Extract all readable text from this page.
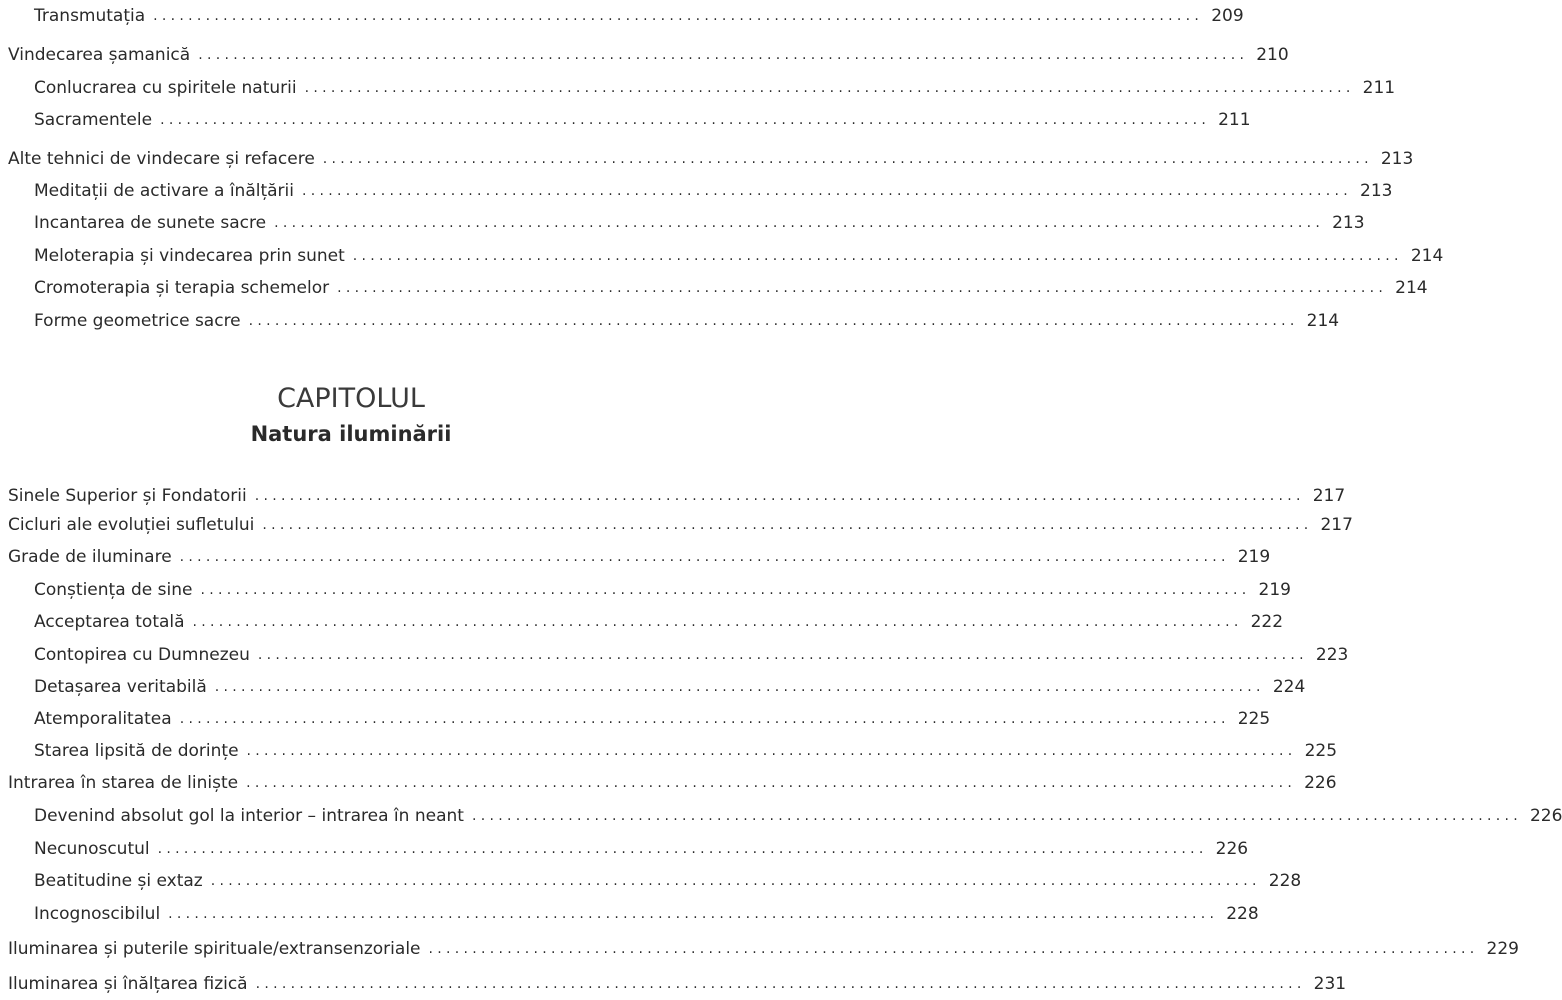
Transmutația ........................................................................................................................ 209
Vindecarea șamanică ........................................................................................................................ 210
Conlucrarea cu spiritele naturii ........................................................................................................................ 211
Sacramentele ........................................................................................................................ 211
Alte tehnici de vindecare și refacere ........................................................................................................................ 213
Meditații de activare a înălțării ........................................................................................................................ 213
Incantarea de sunete sacre ........................................................................................................................ 213
Meloterapia și vindecarea prin sunet ........................................................................................................................ 214
Cromoterapia și terapia schemelor ........................................................................................................................ 214
Forme geometrice sacre ........................................................................................................................ 214
CAPITOLUL
Natura iluminării
Sinele Superior și Fondatorii ........................................................................................................................ 217
Cicluri ale evoluției sufletului ........................................................................................................................ 217
Grade de iluminare ........................................................................................................................ 219
Conștiența de sine ........................................................................................................................ 219
Acceptarea totală ........................................................................................................................ 222
Contopirea cu Dumnezeu ........................................................................................................................ 223
Detașarea veritabilă ........................................................................................................................ 224
Atemporalitatea ........................................................................................................................ 225
Starea lipsită de dorințe ........................................................................................................................ 225
Intrarea în starea de liniște ........................................................................................................................ 226
Devenind absolut gol la interior – intrarea în neant ........................................................................................................................ 226
Necunoscutul ........................................................................................................................ 226
Beatitudine și extaz ........................................................................................................................ 228
Incognoscibilul ........................................................................................................................ 228
Iluminarea și puterile spirituale/extransenzoriale ........................................................................................................................ 229
Iluminarea și înălțarea fizică ........................................................................................................................ 231
